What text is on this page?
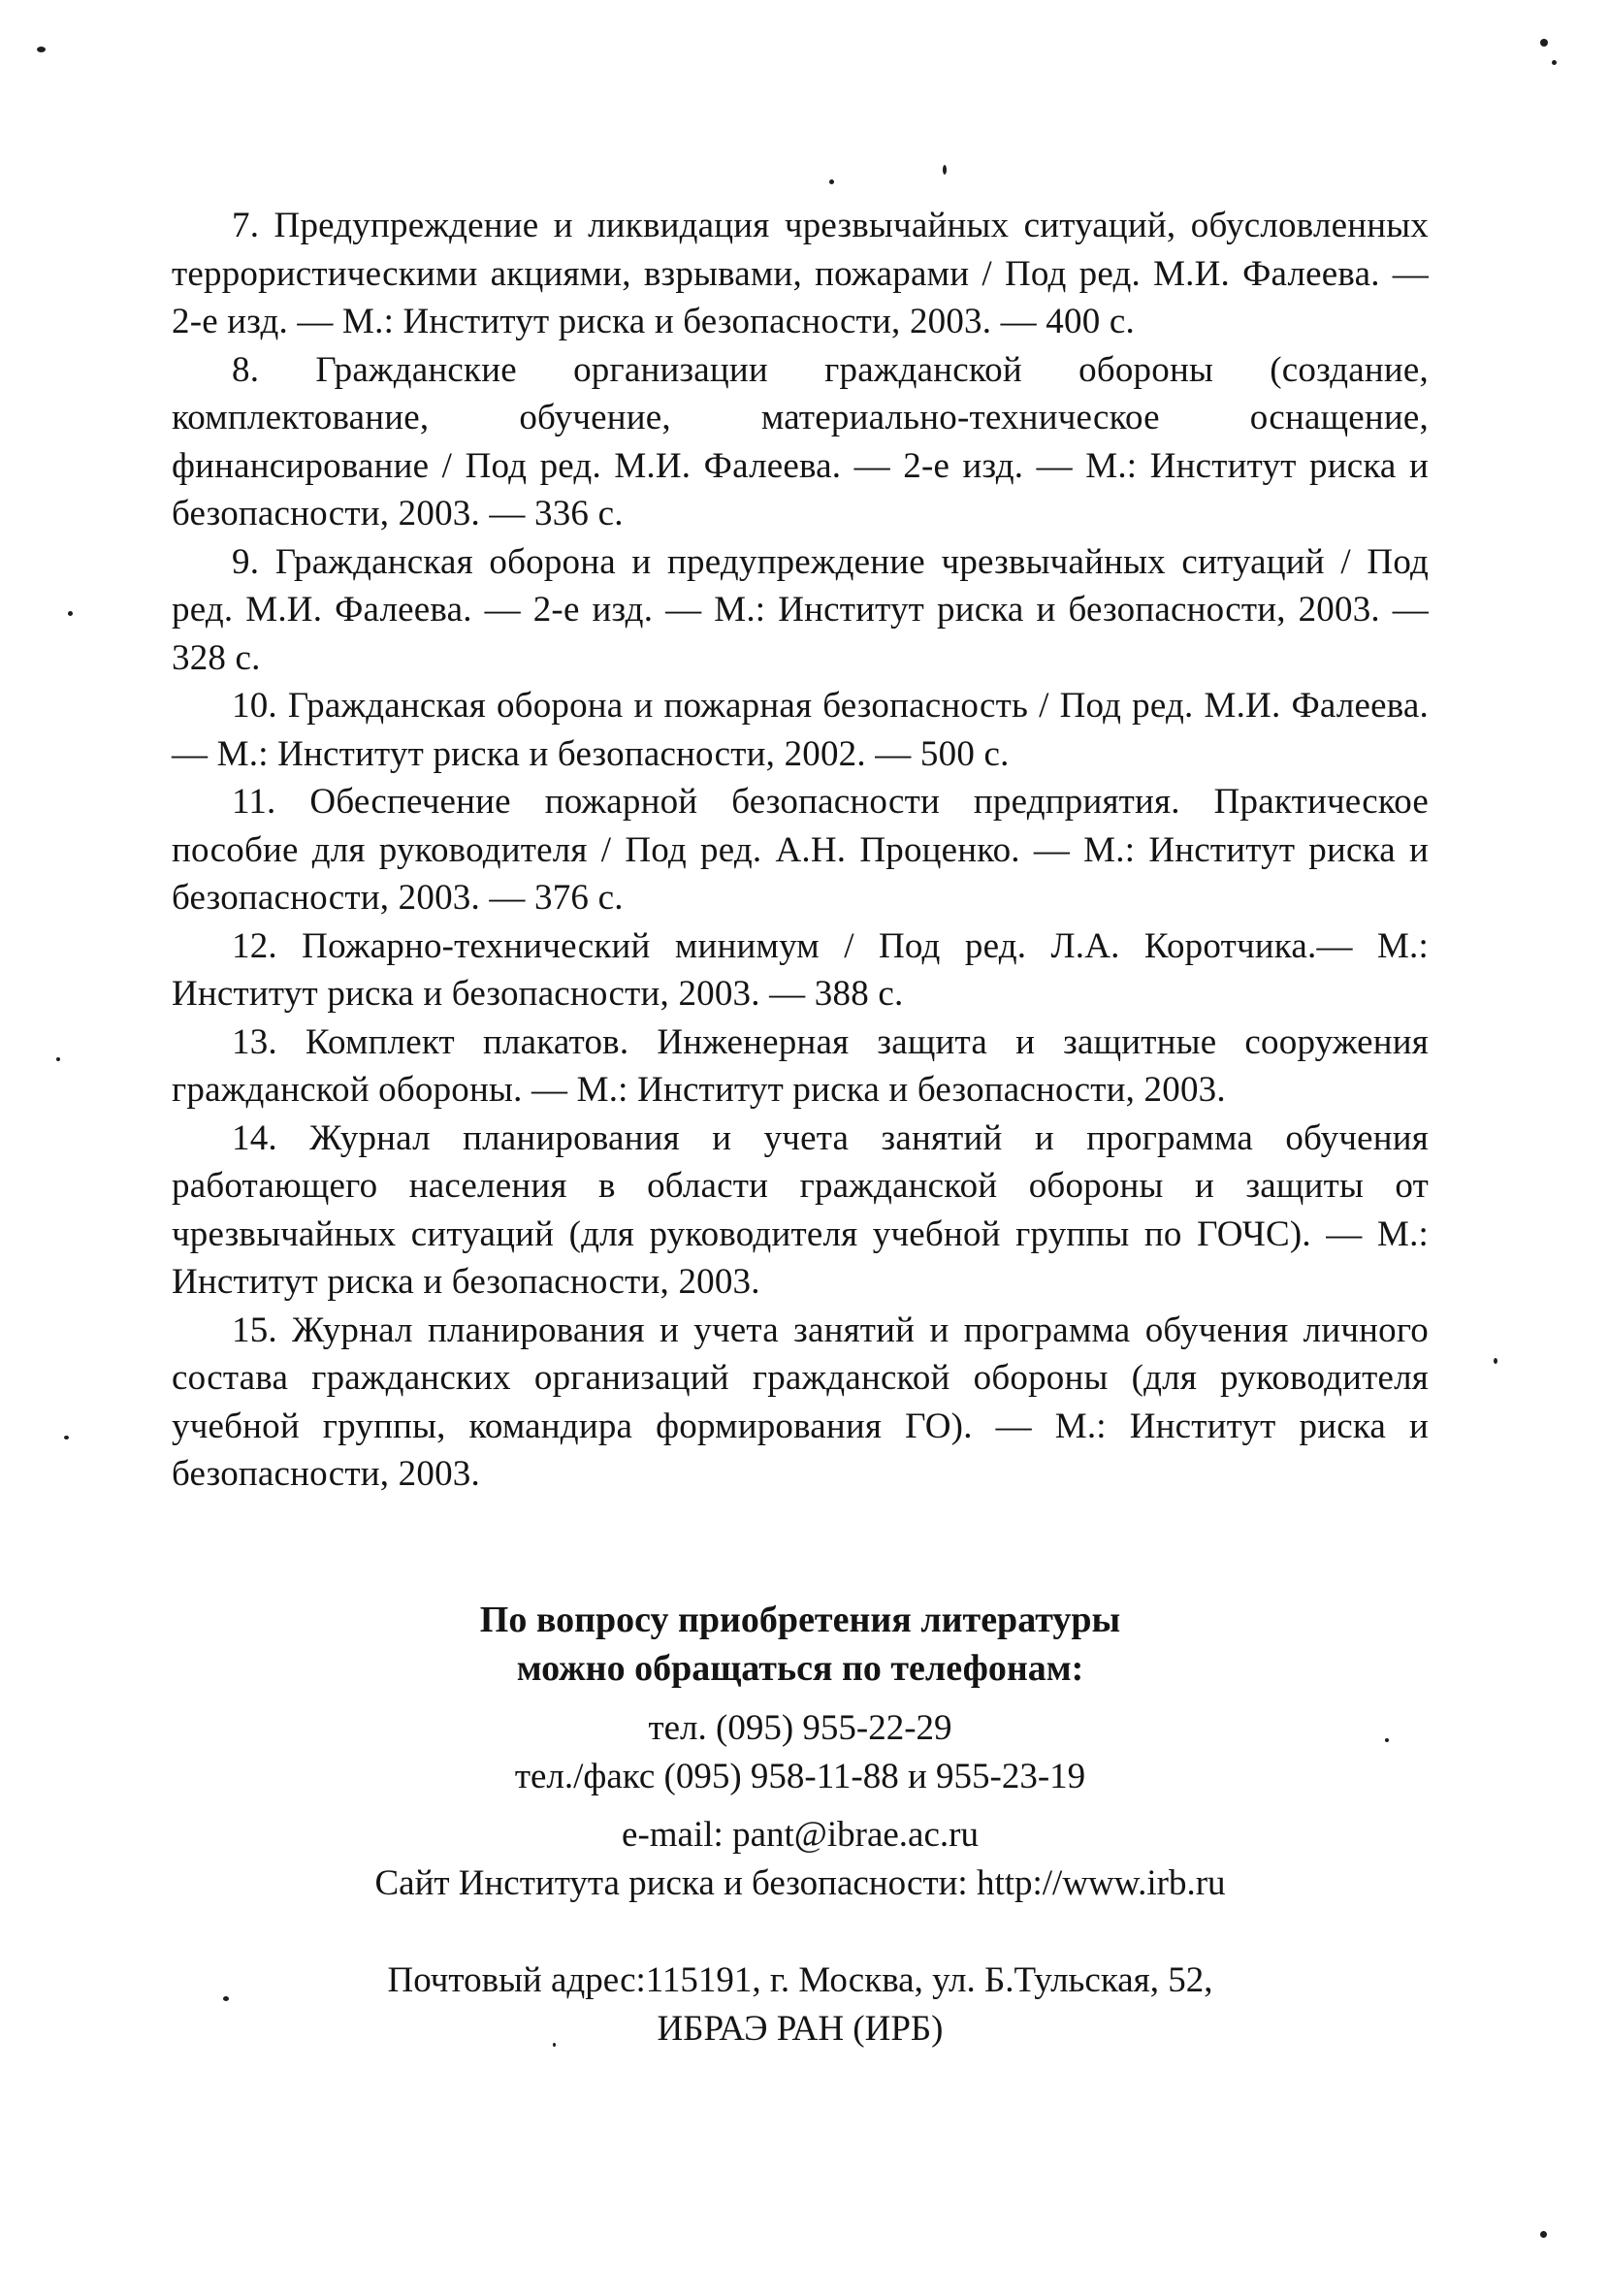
7. Предупреждение и ликвидация чрезвычайных ситуаций, обусловленных террористическими акциями, взрывами, пожарами / Под ред. М.И. Фалеева. — 2-е изд. — М.: Институт риска и безопасности, 2003. — 400 с.
8. Гражданские организации гражданской обороны (создание, комплектование, обучение, материально-техническое оснащение, финансирование / Под ред. М.И. Фалеева. — 2-е изд. — М.: Институт риска и безопасности, 2003. — 336 с.
9. Гражданская оборона и предупреждение чрезвычайных ситуаций / Под ред. М.И. Фалеева. — 2-е изд. — М.: Институт риска и безопасности, 2003. — 328 с.
10. Гражданская оборона и пожарная безопасность / Под ред. М.И. Фалеева. — М.: Институт риска и безопасности, 2002. — 500 с.
11. Обеспечение пожарной безопасности предприятия. Практическое пособие для руководителя / Под ред. А.Н. Проценко. — М.: Институт риска и безопасности, 2003. — 376 с.
12. Пожарно-технический минимум / Под ред. Л.А. Коротчика.— М.: Институт риска и безопасности, 2003. — 388 с.
13. Комплект плакатов. Инженерная защита и защитные сооружения гражданской обороны. — М.: Институт риска и безопасности, 2003.
14. Журнал планирования и учета занятий и программа обучения работающего населения в области гражданской обороны и защиты от чрезвычайных ситуаций (для руководителя учебной группы по ГОЧС). — М.: Институт риска и безопасности, 2003.
15. Журнал планирования и учета занятий и программа обучения личного состава гражданских организаций гражданской обороны (для руководителя учебной группы, командира формирования ГО). — М.: Институт риска и безопасности, 2003.

По вопросу приобретения литературы

можно обращаться по телефонам:

тел. (095) 955-22-29

тел./факс (095) 958-11-88 и 955-23-19

e-mail: pant@ibrae.ac.ru

Сайт Института риска и безопасности: http://www.irb.ru

Почтовый адрес:115191, г. Москва, ул. Б.Тульская, 52,

ИБРАЭ РАН (ИРБ)
